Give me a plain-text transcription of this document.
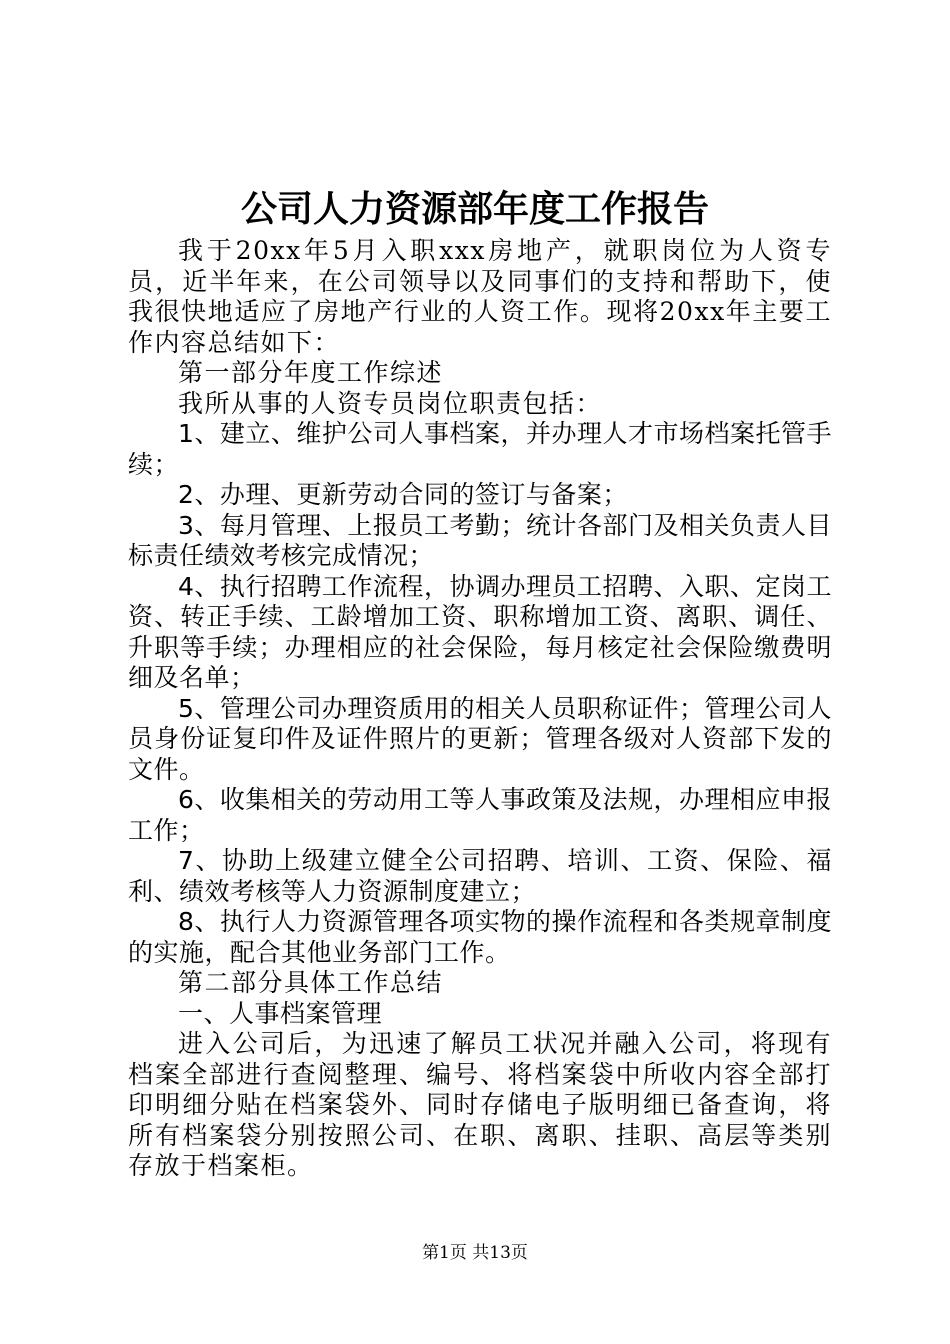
公司人力资源部年度工作报告

我于20xx年5月入职xxx房地产，就职岗位为人资专员，近半年来，在公司领导以及同事们的支持和帮助下，使我很快地适应了房地产行业的人资工作。现将20xx年主要工作内容总结如下：

第一部分年度工作综述

我所从事的人资专员岗位职责包括：

1、建立、维护公司人事档案，并办理人才市场档案托管手续；

2、办理、更新劳动合同的签订与备案；

3、每月管理、上报员工考勤；统计各部门及相关负责人目标责任绩效考核完成情况；

4、执行招聘工作流程，协调办理员工招聘、入职、定岗工资、转正手续、工龄增加工资、职称增加工资、离职、调任、升职等手续；办理相应的社会保险，每月核定社会保险缴费明细及名单；

5、管理公司办理资质用的相关人员职称证件；管理公司人员身份证复印件及证件照片的更新；管理各级对人资部下发的文件。

6、收集相关的劳动用工等人事政策及法规，办理相应申报工作；

7、协助上级建立健全公司招聘、培训、工资、保险、福利、绩效考核等人力资源制度建立；

8、执行人力资源管理各项实物的操作流程和各类规章制度的实施，配合其他业务部门工作。

第二部分具体工作总结

一、人事档案管理

进入公司后，为迅速了解员工状况并融入公司，将现有档案全部进行查阅整理、编号、将档案袋中所收内容全部打印明细分贴在档案袋外、同时存储电子版明细已备查询，将所有档案袋分别按照公司、在职、离职、挂职、高层等类别存放于档案柜。

第1页 共13页
